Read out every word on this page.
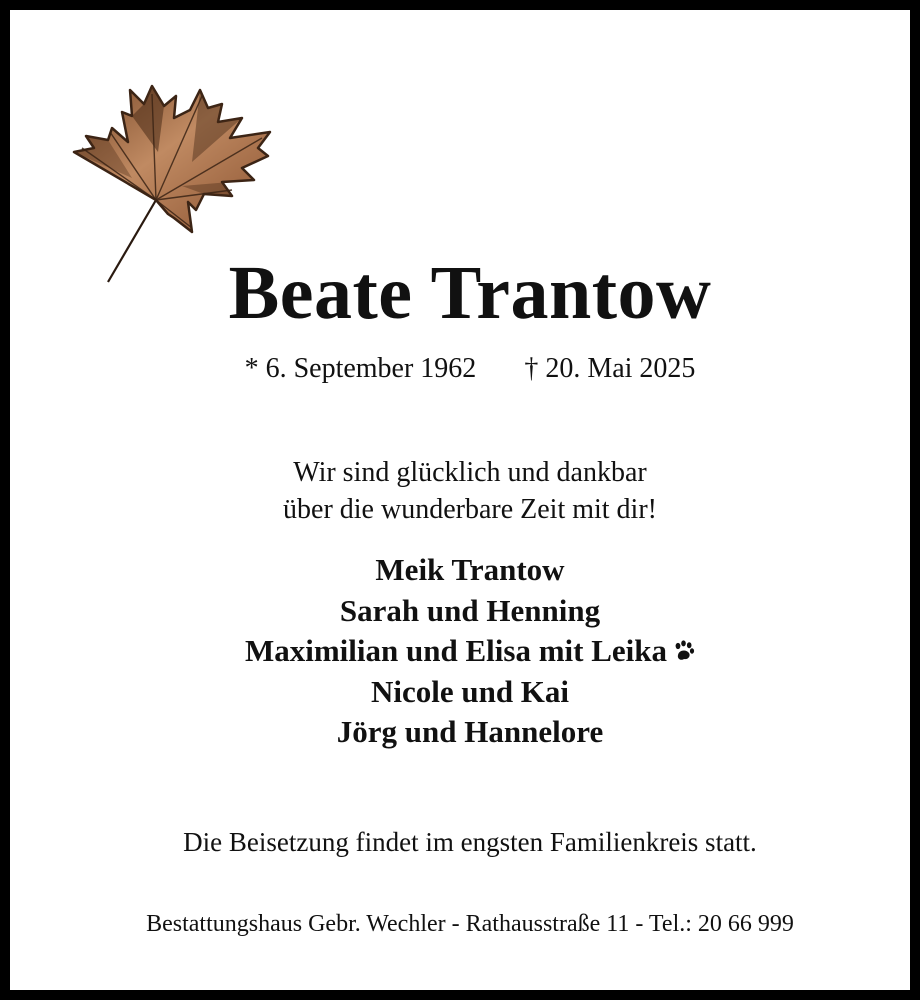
Beate Trantow
* 6. September 1962 † 20. Mai 2025
Wir sind glücklich und dankbar
über die wunderbare Zeit mit dir!
Meik Trantow
Sarah und Henning
Maximilian und Elisa mit Leika
Nicole und Kai
Jörg und Hannelore
Die Beisetzung findet im engsten Familienkreis statt.
Bestattungshaus Gebr. Wechler - Rathausstraße 11 - Tel.: 20 66 999
